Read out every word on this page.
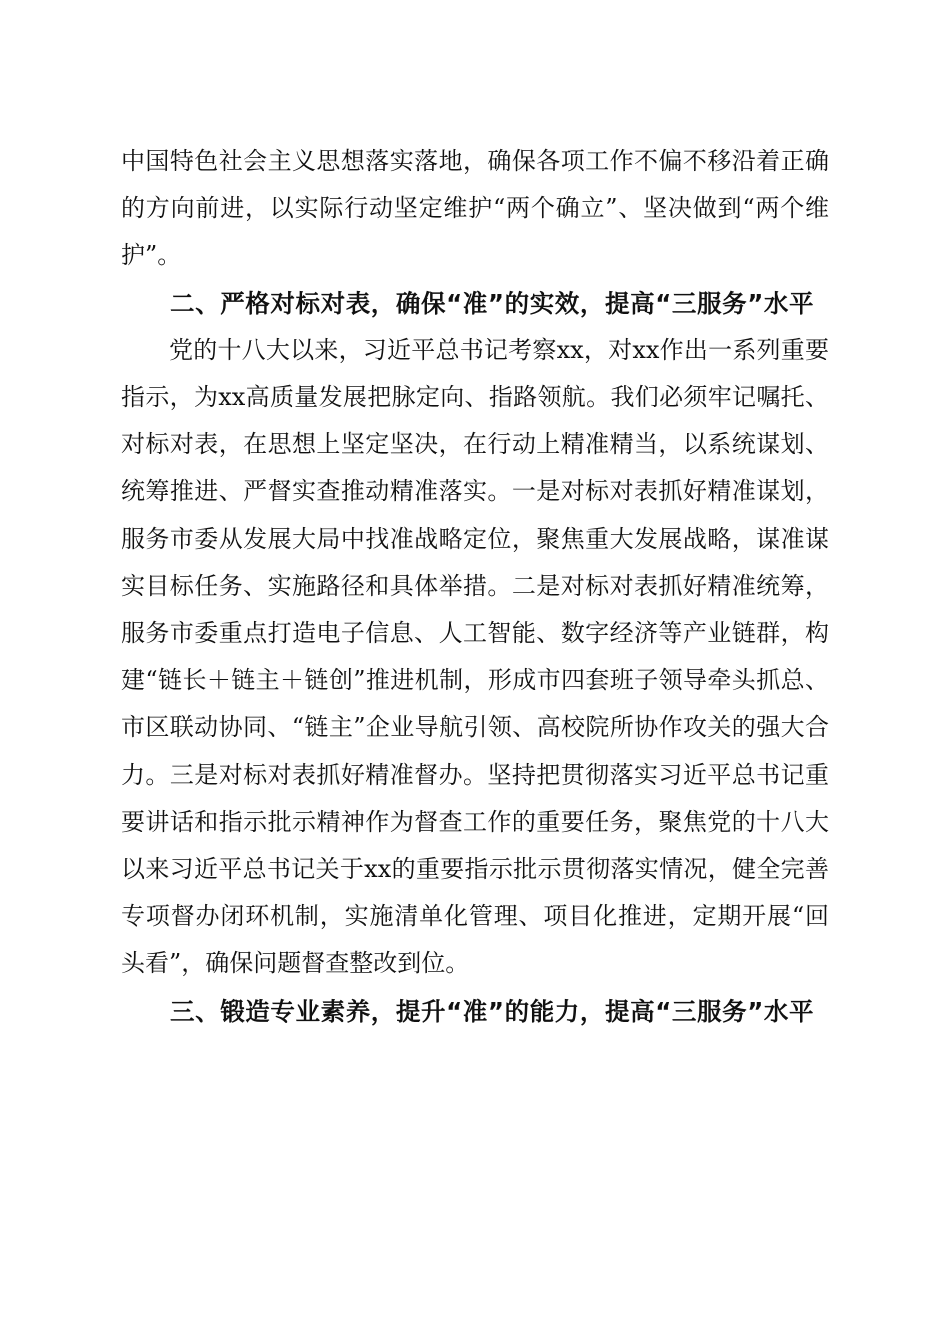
中国特色社会主义思想落实落地，确保各项工作不偏不移沿着正确的方向前进，以实际行动坚定维护“两个确立”、坚决做到“两个维护”。

二、严格对标对表，确保“准”的实效，提高“三服务”水平

党的十八大以来，习近平总书记考察xx，对xx作出一系列重要指示，为xx高质量发展把脉定向、指路领航。我们必须牢记嘱托、对标对表，在思想上坚定坚决，在行动上精准精当，以系统谋划、统筹推进、严督实查推动精准落实。一是对标对表抓好精准谋划，服务市委从发展大局中找准战略定位，聚焦重大发展战略，谋准谋实目标任务、实施路径和具体举措。二是对标对表抓好精准统筹，服务市委重点打造电子信息、人工智能、数字经济等产业链群，构建“链长＋链主＋链创”推进机制，形成市四套班子领导牵头抓总、市区联动协同、“链主”企业导航引领、高校院所协作攻关的强大合力。三是对标对表抓好精准督办。坚持把贯彻落实习近平总书记重要讲话和指示批示精神作为督查工作的重要任务，聚焦党的十八大以来习近平总书记关于xx的重要指示批示贯彻落实情况，健全完善专项督办闭环机制，实施清单化管理、项目化推进，定期开展“回头看”，确保问题督查整改到位。

三、锻造专业素养，提升“准”的能力，提高“三服务”水平
